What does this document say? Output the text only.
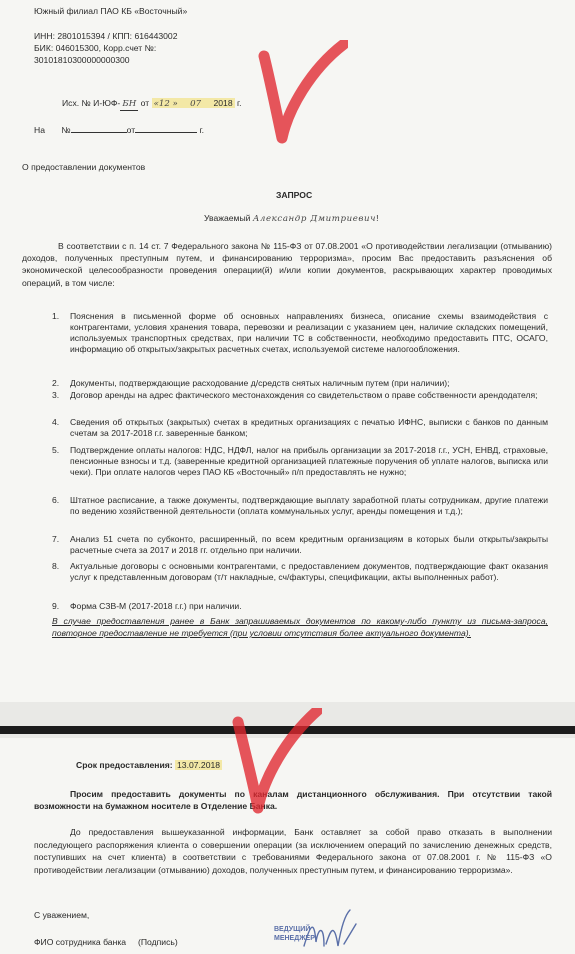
Южный филиал ПАО КБ «Восточный»
ИНН: 2801015394 / КПП: 616443002
БИК: 046015300, Корр.счет №:
30101810300000000300
Исх. № И-ЮФ- БН от «12 » 07 2018 г.
На №	от	г.
О предоставлении документов
ЗАПРОС
Уважаемый Александр Дмитриевич!
В соответствии с п. 14 ст. 7 Федерального закона № 115-ФЗ от 07.08.2001 «О противодействии легализации (отмыванию) доходов, полученных преступным путем, и финансированию терроризма», просим Вас предоставить разъяснения об экономической целесообразности проведения операции(й) и/или копии документов, раскрывающих характер проводимых операций, в том числе:
1. Пояснения в письменной форме об основных направлениях бизнеса, описание схемы взаимодействия с контрагентами, условия хранения товара, перевозки и реализации с указанием цен, наличие складских помещений, используемых транспортных средствах, при наличии ТС в собственности, необходимо предоставить ПТС, ОСАГО, информацию об открытых/закрытых расчетных счетах, используемой системе налогообложения.
2. Документы, подтверждающие расходование д/средств снятых наличным путем (при наличии);
3. Договор аренды на адрес фактического местонахождения со свидетельством о праве собственности арендодателя;
4. Сведения об открытых (закрытых) счетах в кредитных организациях с печатью ИФНС, выписки с банков по данным счетам за 2017-2018 г.г. заверенные банком;
5. Подтверждение оплаты налогов: НДС, НДФЛ, налог на прибыль организации за 2017-2018 г.г., УСН, ЕНВД, страховые, пенсионные взносы и т.д. (заверенные кредитной организацией платежные поручения об уплате налогов, выписка или чеки). При оплате налогов через ПАО КБ «Восточный» п/п предоставлять не нужно;
6. Штатное расписание, а также документы, подтверждающие выплату заработной платы сотрудникам, другие платежи по ведению хозяйственной деятельности (оплата коммунальных услуг, аренды помещения и т.д.);
7. Анализ 51 счета по субконто, расширенный, по всем кредитным организациям в которых были открыты/закрыты расчетные счета за 2017 и 2018 гг. отдельно при наличии.
8. Актуальные договоры с основными контрагентами, с предоставлением документов, подтверждающие факт оказания услуг к представленным договорам (т/т накладные, сч/фактуры, спецификации, акты выполненных работ).
9. Форма СЗВ-М (2017-2018 г.г.) при наличии.
В случае предоставления ранее в Банк запрашиваемых документов по какому-либо пункту из письма-запроса, повторное предоставление не требуется (при условии отсутствия более актуального документа).
Срок предоставления: 13.07.2018
Просим предоставить документы по каналам дистанционного обслуживания. При отсутствии такой возможности на бумажном носителе в Отделение Банка.
До предоставления вышеуказанной информации, Банк оставляет за собой право отказать в выполнении последующего распоряжения клиента о совершении операции (за исключением операций по зачислению денежных средств, поступивших на счет клиента) в соответствии с требованиями Федерального закона от 07.08.2001 г. № 115-ФЗ «О противодействии легализации (отмыванию) доходов, полученных преступным путем, и финансированию терроризма».
С уважением,
ФИО сотрудника банка     (Подпись)
ВЕДУЩИЙ МЕНЕДЖЕР
